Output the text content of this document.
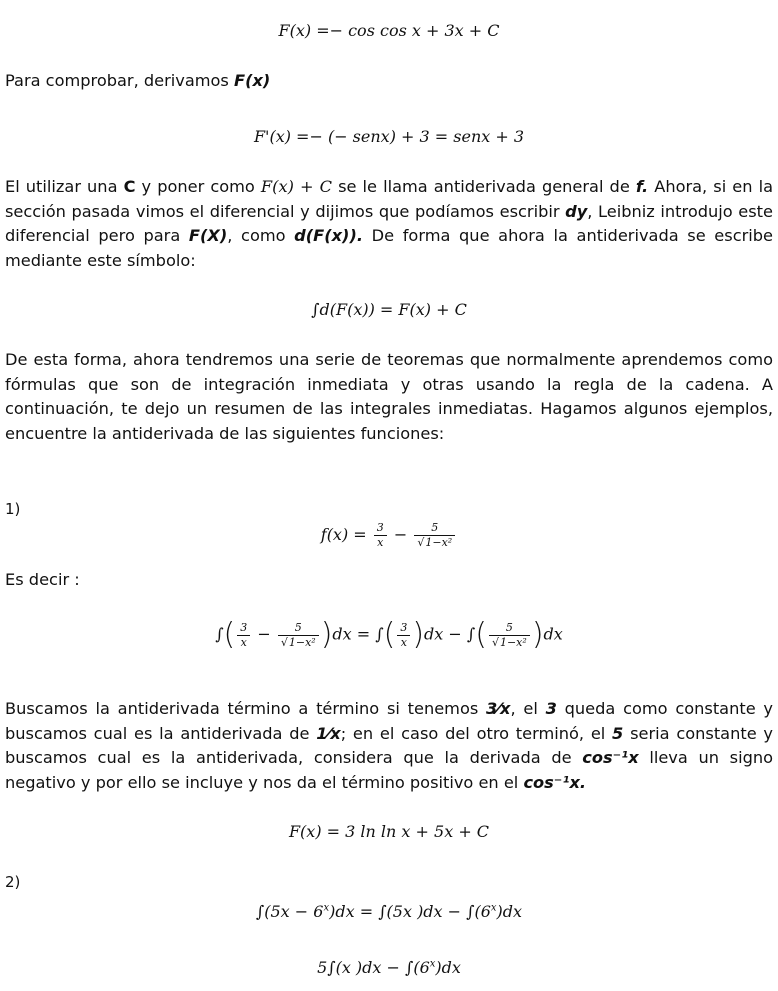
F(x) =− cos cos x + 3x + C

Para comprobar, derivamos F(x)

F'(x) =− (− senx) + 3 = senx + 3

El utilizar una C y poner como F(x) + C se le llama antiderivada general de f. Ahora, si en la sección pasada vimos el diferencial y dijimos que podíamos escribir dy, Leibniz introdujo este diferencial pero para F(X), como d(F(x)). De forma que ahora la antiderivada se escribe mediante este símbolo:

∫d(F(x)) = F(x) + C

De esta forma, ahora tendremos una serie de teoremas que normalmente aprendemos como fórmulas que son de integración inmediata y otras usando la regla de la cadena. A continuación, te dejo un resumen de las integrales inmediatas. Hagamos algunos ejemplos, encuentre la antiderivada de las siguientes funciones:

1)
$f(x) = \frac{3}{x} - \frac{5}{\text{√1−x²}}$
Es decir :
∫( $\frac{3}{x} - \frac{5}{\text{√1−x²}} )dx$ = ∫( $\frac{3}{x} )dx$ − ∫( $\frac{5}{\text{√1−x²}} )dx$

Buscamos la antiderivada término a término si tenemos 3⁄x, el 3 queda como constante y buscamos cual es la antiderivada de 1⁄x; en el caso del otro terminó, el 5 seria constante y buscamos cual es la antiderivada, considera que la derivada de cos⁻¹x lleva un signo negativo y por ello se incluye y nos da el término positivo en el cos⁻¹x.

F(x) = 3 ln ln x + 5x + C
2)
$\int(5x - 6^x)dx = \int(5x$ )$dx - \int(6^x)dx$
5∫(x )$dx - \int(6^x)dx$
